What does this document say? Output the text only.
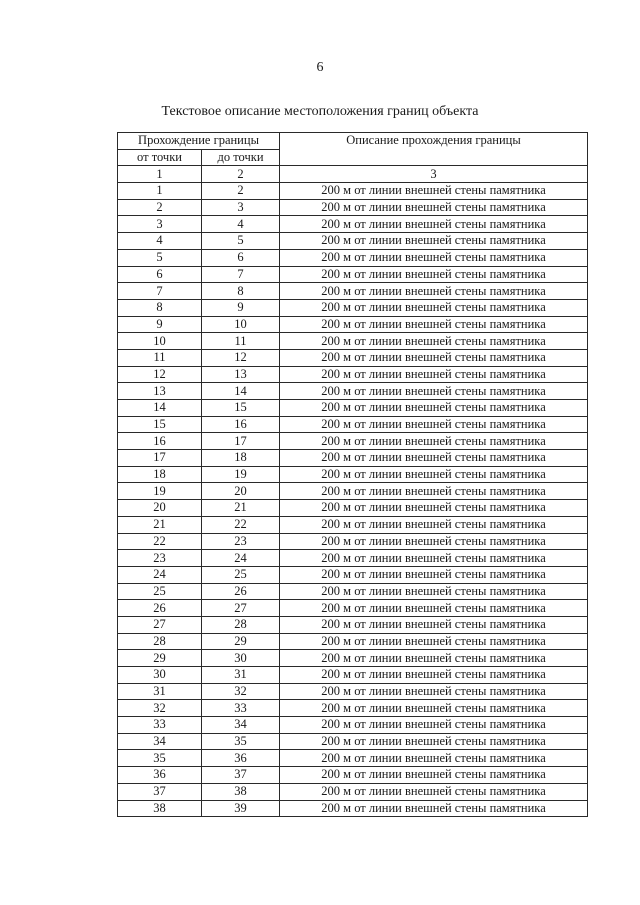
6
Текстовое описание местоположения границ объекта
Прохождение границы		Описание прохождения границы
от точки	до точки	
1	2	3
1	2	200 м от линии внешней стены памятника
2	3	200 м от линии внешней стены памятника
3	4	200 м от линии внешней стены памятника
4	5	200 м от линии внешней стены памятника
5	6	200 м от линии внешней стены памятника
6	7	200 м от линии внешней стены памятника
7	8	200 м от линии внешней стены памятника
8	9	200 м от линии внешней стены памятника
9	10	200 м от линии внешней стены памятника
10	11	200 м от линии внешней стены памятника
11	12	200 м от линии внешней стены памятника
12	13	200 м от линии внешней стены памятника
13	14	200 м от линии внешней стены памятника
14	15	200 м от линии внешней стены памятника
15	16	200 м от линии внешней стены памятника
16	17	200 м от линии внешней стены памятника
17	18	200 м от линии внешней стены памятника
18	19	200 м от линии внешней стены памятника
19	20	200 м от линии внешней стены памятника
20	21	200 м от линии внешней стены памятника
21	22	200 м от линии внешней стены памятника
22	23	200 м от линии внешней стены памятника
23	24	200 м от линии внешней стены памятника
24	25	200 м от линии внешней стены памятника
25	26	200 м от линии внешней стены памятника
26	27	200 м от линии внешней стены памятника
27	28	200 м от линии внешней стены памятника
28	29	200 м от линии внешней стены памятника
29	30	200 м от линии внешней стены памятника
30	31	200 м от линии внешней стены памятника
31	32	200 м от линии внешней стены памятника
32	33	200 м от линии внешней стены памятника
33	34	200 м от линии внешней стены памятника
34	35	200 м от линии внешней стены памятника
35	36	200 м от линии внешней стены памятника
36	37	200 м от линии внешней стены памятника
37	38	200 м от линии внешней стены памятника
38	39	200 м от линии внешней стены памятника
